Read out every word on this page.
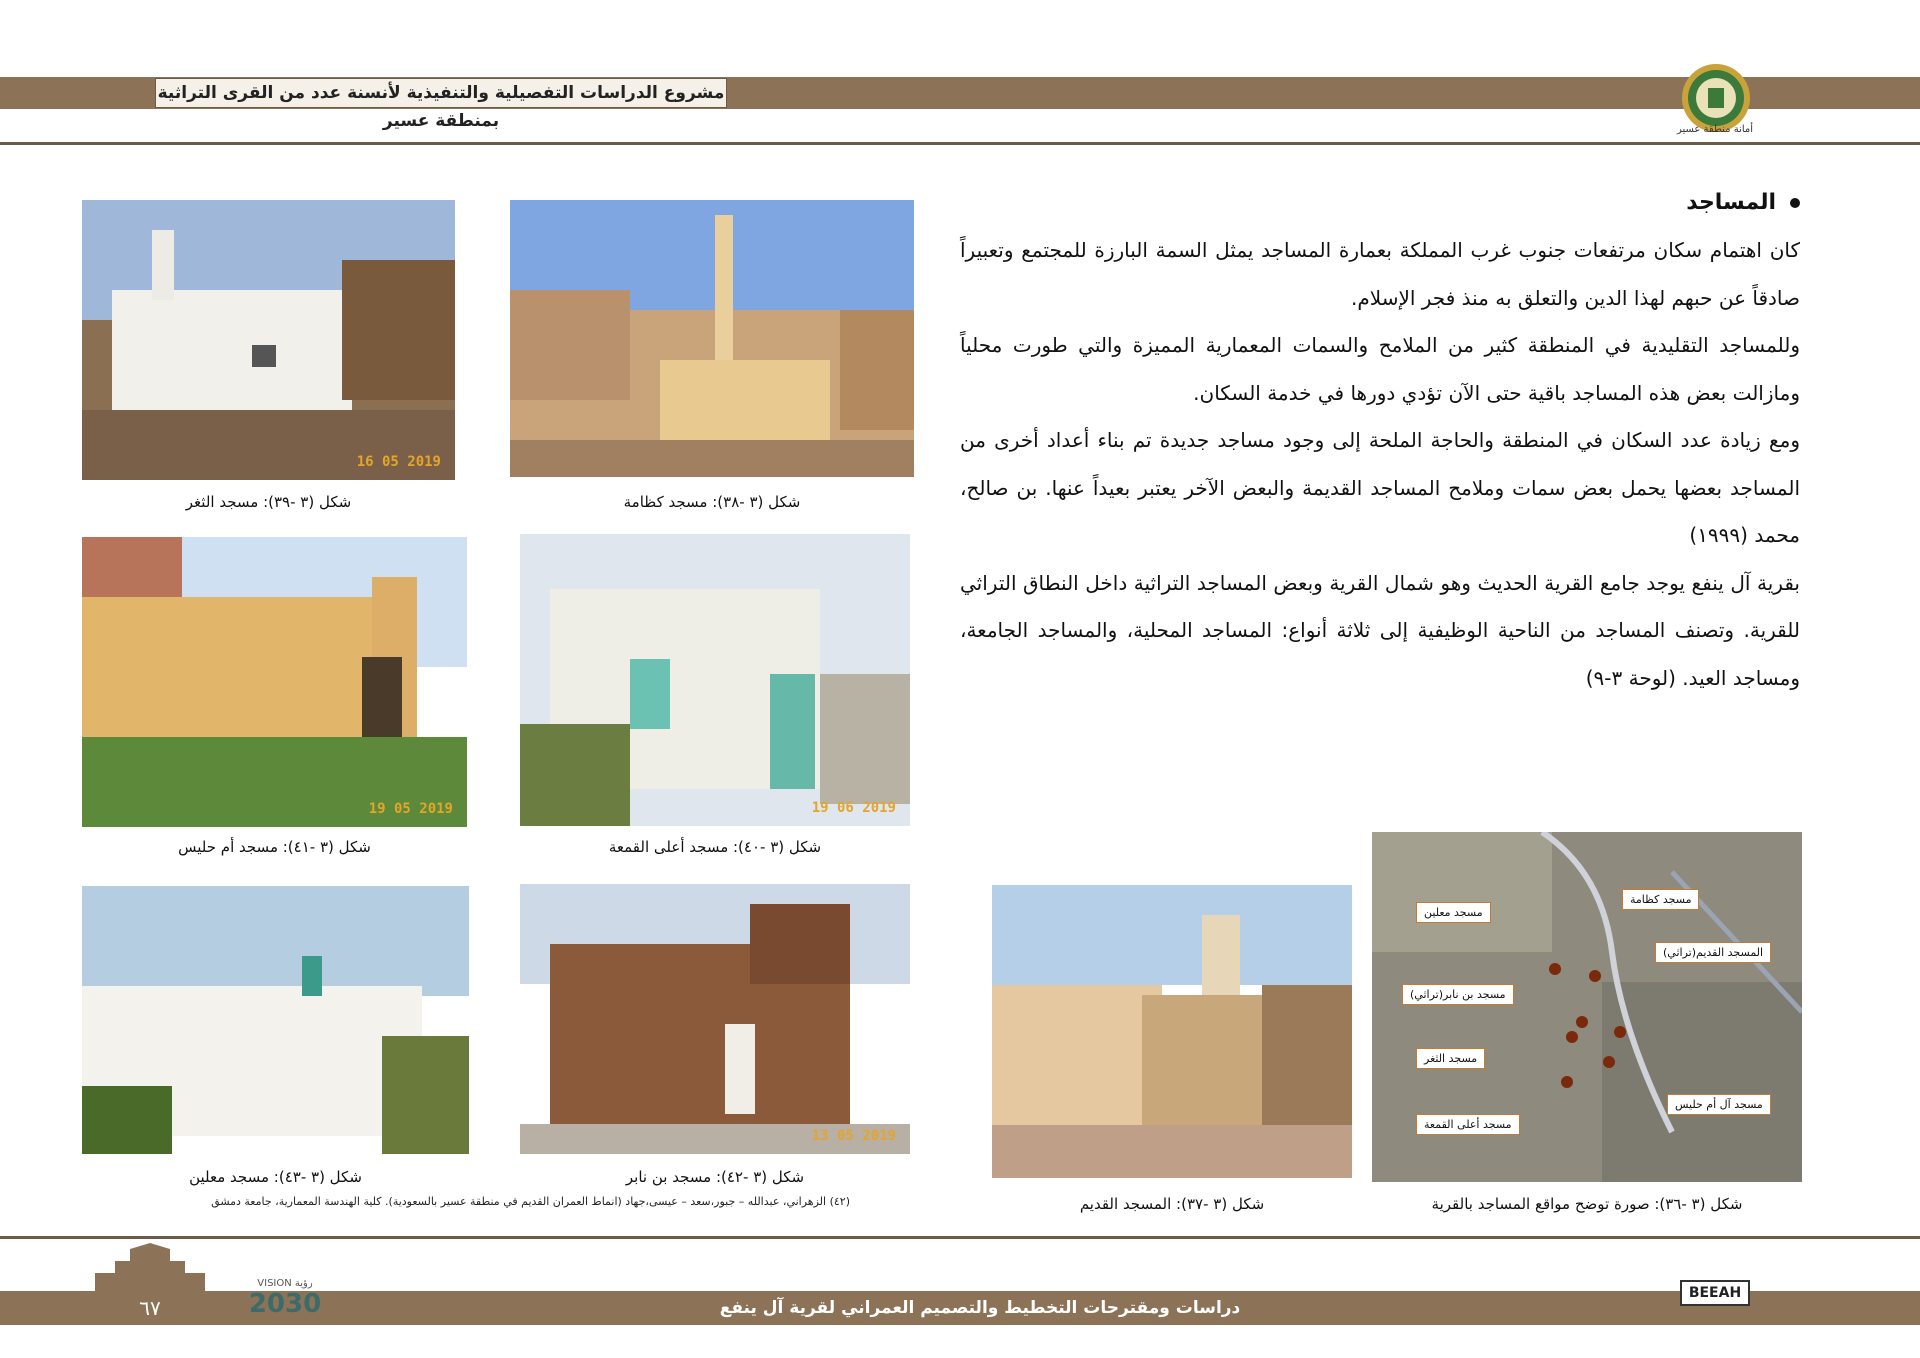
مشروع الدراسات التفصيلية والتنفيذية لأنسنة عدد من القرى التراثية بمنطقة عسير	أمانة منطقة عسير
المساجد

كان اهتمام سكان مرتفعات جنوب غرب المملكة بعمارة المساجد يمثل السمة البارزة للمجتمع وتعبيراً صادقاً عن حبهم لهذا الدين والتعلق به منذ فجر الإسلام.

وللمساجد التقليدية في المنطقة كثير من الملامح والسمات المعمارية المميزة والتي طورت محلياً ومازالت بعض هذه المساجد باقية حتى الآن تؤدي دورها في خدمة السكان.

ومع زيادة عدد السكان في المنطقة والحاجة الملحة إلى وجود مساجد جديدة تم بناء أعداد أخرى من المساجد بعضها يحمل بعض سمات وملامح المساجد القديمة والبعض الآخر يعتبر بعيداً عنها. بن صالح، محمد (١٩٩٩)

بقرية آل ينفع يوجد جامع القرية الحديث وهو شمال القرية وبعض المساجد التراثية داخل النطاق التراثي للقرية. وتصنف المساجد من الناحية الوظيفية إلى ثلاثة أنواع: المساجد المحلية، والمساجد الجامعة، ومساجد العيد. (لوحة ٣-٩)

16 05 2019
شكل (٣ -٣٩): مسجد الثغر	شكل (٣ -٣٨): مسجد كظامة
19 05 2019
شكل (٣ -٤١): مسجد أم حليس
19 06 2019
شكل (٣ -٤٠): مسجد أعلى القمعة
شكل (٣ -٤٣): مسجد معلين
13 05 2019
شكل (٣ -٤٢): مسجد بن نابر
شكل (٣ -٣٧): المسجد القديم
مسجد كظامة
مسجد معلين
المسجد القديم(تراثي)
مسجد بن نابر(تراثي)
مسجد الثغر
مسجد آل أم حليس
مسجد أعلى القمعة
شكل (٣ -٣٦): صورة توضح مواقع المساجد بالقرية
(٤٢) الزهراني، عبدالله – جبور،سعد – عيسى،جهاد (انماط العمران القديم في منطقة عسير بالسعودية). كلية الهندسة المعمارية، جامعة دمشق
٦٧
VISION رؤية
2030	دراسات ومقترحات التخطيط والتصميم العمراني لقرية آل ينفع
BEEAH
